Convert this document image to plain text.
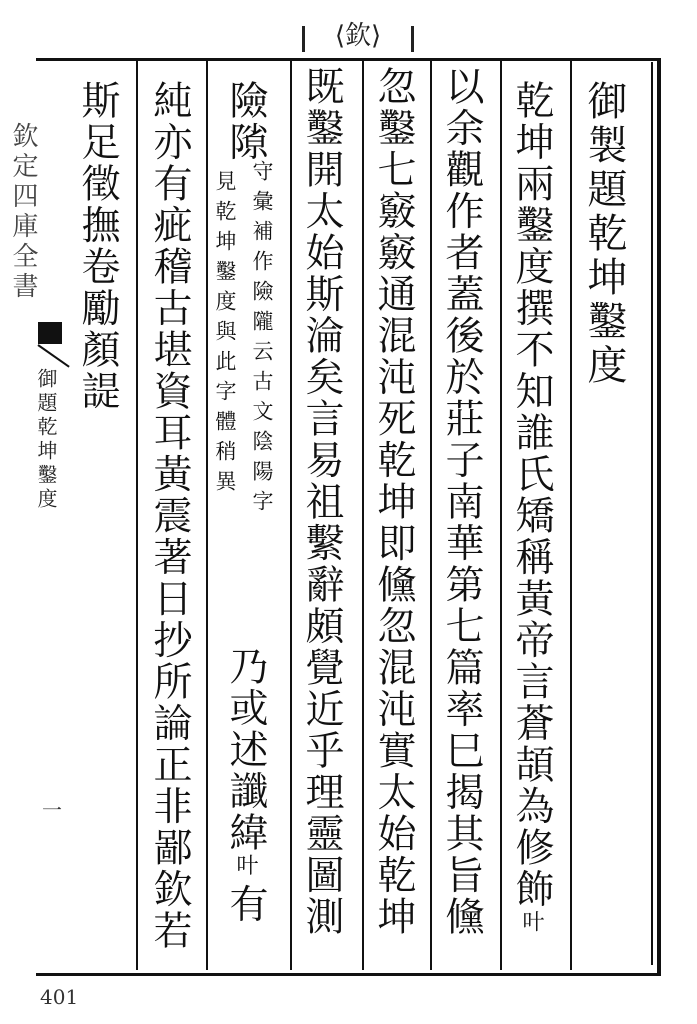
⟨欽⟩
御製題乾坤鑿度
乾坤兩鑿度撰不知誰氏矯稱黃帝言蒼頡為修飾叶
以余觀作者蓋後於莊子南華第七篇率巳揭其旨儵
忽鑿七竅竅通混沌死乾坤即儵忽混沌實太始乾坤
既鑿開太始斯淪矣言易祖繫辭頗覺近乎理靈圖測
險𨻶
守彙補作險隴云古文陰陽字
見乾坤鑿度與此字體稍異
乃或述讖緯叶有
純亦有疵稽古堪資耳黃震著日抄所論正非鄙欽若
斯足徵撫卷勵顏諟
欽定四庫全書
御題乾坤鑿度
一
401
